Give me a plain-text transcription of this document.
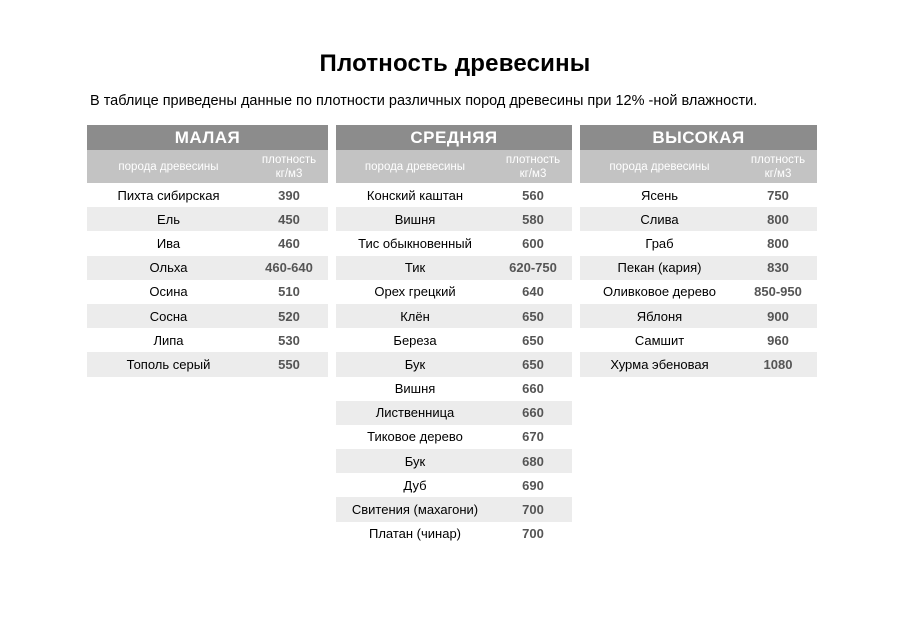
Плотность древесины
В таблице приведены данные по плотности различных пород древесины при 12% -ной влажности.
МАЛАЯ
порода древесины
плотность
кг/м3
Пихта сибирская	390
Ель	450
Ива	460
Ольха	460-640
Осина	510
Сосна	520
Липа	530
Тополь серый	550
СРЕДНЯЯ
порода древесины
плотность
кг/м3
Конский каштан	560
Вишня	580
Тис обыкновенный	600
Тик	620-750
Орех грецкий	640
Клён	650
Береза	650
Бук	650
Вишня	660
Лиственница	660
Тиковое дерево	670
Бук	680
Дуб	690
Свитения (махагони)	700
Платан (чинар)	700
ВЫСОКАЯ
порода древесины
плотность
кг/м3
Ясень	750
Слива	800
Граб	800
Пекан (кария)	830
Оливковое дерево	850-950
Яблоня	900
Самшит	960
Хурма эбеновая	1080
